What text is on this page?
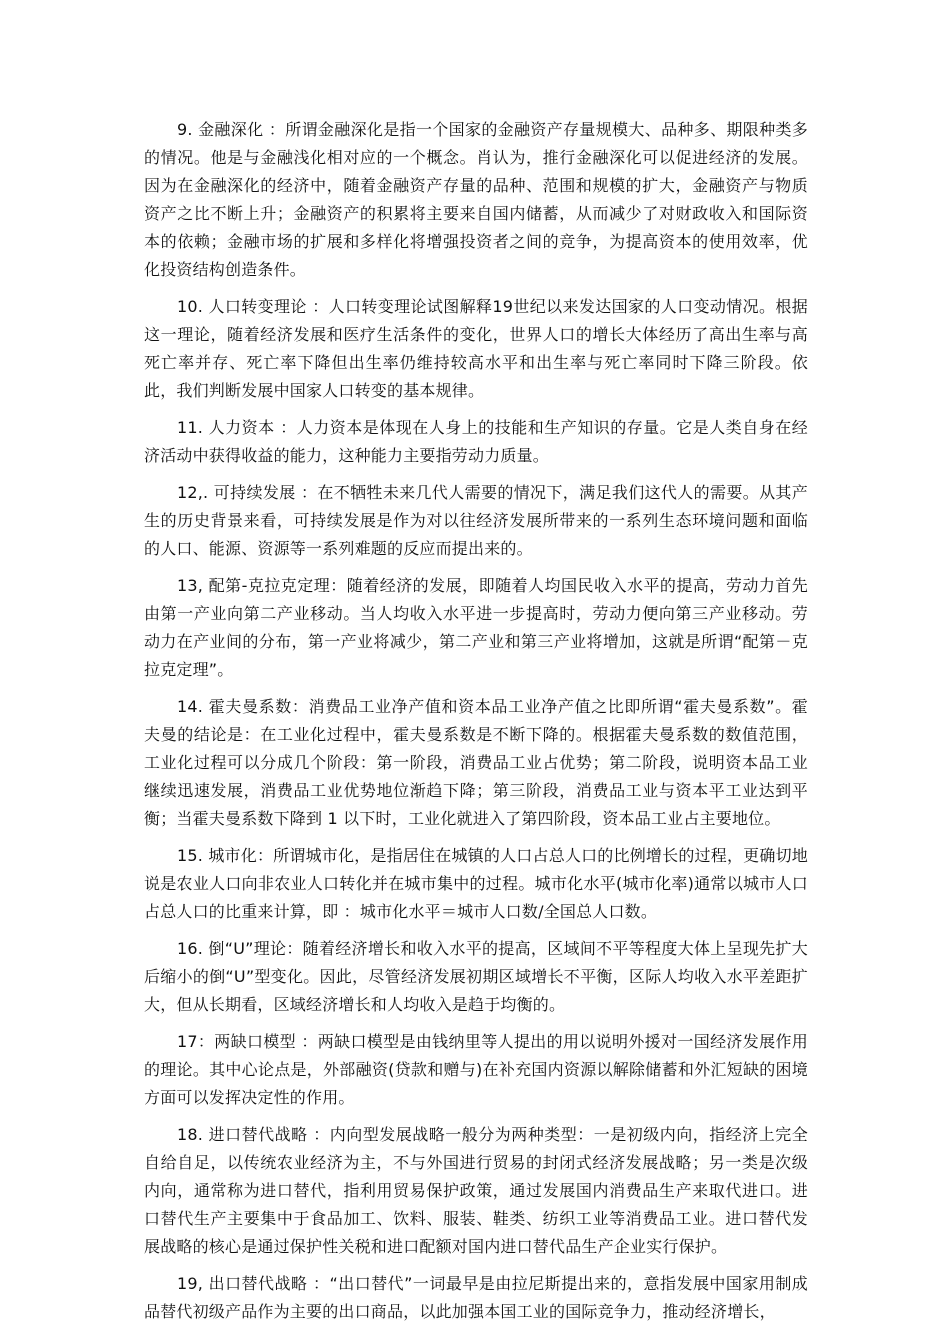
9. 金融深化 ：所谓金融深化是指一个国家的金融资产存量规模大、品种多、期限种类多的情况。他是与金融浅化相对应的一个概念。肖认为，推行金融深化可以促进经济的发展。因为在金融深化的经济中，随着金融资产存量的品种、范围和规模的扩大，金融资产与物质资产之比不断上升；金融资产的积累将主要来自国内储蓄，从而减少了对财政收入和国际资本的依赖；金融市场的扩展和多样化将增强投资者之间的竞争，为提高资本的使用效率，优化投资结构创造条件。

10. 人口转变理论 ：人口转变理论试图解释19世纪以来发达国家的人口变动情况。根据这一理论，随着经济发展和医疗生活条件的变化，世界人口的增长大体经历了高出生率与高死亡率并存、死亡率下降但出生率仍维持较高水平和出生率与死亡率同时下降三阶段。依此，我们判断发展中国家人口转变的基本规律。

11. 人力资本 ：人力资本是体现在人身上的技能和生产知识的存量。它是人类自身在经济活动中获得收益的能力，这种能力主要指劳动力质量。

12,. 可持续发展 ：在不牺牲未来几代人需要的情况下，满足我们这代人的需要。从其产生的历史背景来看，可持续发展是作为对以往经济发展所带来的一系列生态环境问题和面临的人口、能源、资源等一系列难题的反应而提出来的。

13, 配第-克拉克定理：随着经济的发展，即随着人均国民收入水平的提高，劳动力首先由第一产业向第二产业移动。当人均收入水平进一步提高时，劳动力便向第三产业移动。劳动力在产业间的分布，第一产业将减少，第二产业和第三产业将增加，这就是所谓“配第－克拉克定理”。

14. 霍夫曼系数：消费品工业净产值和资本品工业净产值之比即所谓“霍夫曼系数”。霍夫曼的结论是：在工业化过程中，霍夫曼系数是不断下降的。根据霍夫曼系数的数值范围，工业化过程可以分成几个阶段：第一阶段，消费品工业占优势；第二阶段，说明资本品工业继续迅速发展，消费品工业优势地位渐趋下降；第三阶段，消费品工业与资本平工业达到平衡；当霍夫曼系数下降到 1 以下时，工业化就进入了第四阶段，资本品工业占主要地位。

15. 城市化：所谓城市化，是指居住在城镇的人口占总人口的比例增长的过程，更确切地说是农业人口向非农业人口转化并在城市集中的过程。城市化水平(城市化率)通常以城市人口占总人口的比重来计算，即 ：城市化水平＝城市人口数/全国总人口数。

16. 倒“U”理论：随着经济增长和收入水平的提高，区域间不平等程度大体上呈现先扩大后缩小的倒“U”型变化。因此，尽管经济发展初期区域增长不平衡，区际人均收入水平差距扩大，但从长期看，区域经济增长和人均收入是趋于均衡的。

17：两缺口模型 ：两缺口模型是由钱纳里等人提出的用以说明外援对一国经济发展作用的理论。其中心论点是，外部融资(贷款和赠与)在补充国内资源以解除储蓄和外汇短缺的困境方面可以发挥决定性的作用。

18. 进口替代战略 ：内向型发展战略一般分为两种类型：一是初级内向，指经济上完全自给自足，以传统农业经济为主，不与外国进行贸易的封闭式经济发展战略；另一类是次级内向，通常称为进口替代，指利用贸易保护政策，通过发展国内消费品生产来取代进口。进口替代生产主要集中于食品加工、饮料、服装、鞋类、纺织工业等消费品工业。进口替代发展战略的核心是通过保护性关税和进口配额对国内进口替代品生产企业实行保护。

19, 出口替代战略 ：“出口替代”一词最早是由拉尼斯提出来的，意指发展中国家用制成品替代初级产品作为主要的出口商品，以此加强本国工业的国际竞争力，推动经济增长，
